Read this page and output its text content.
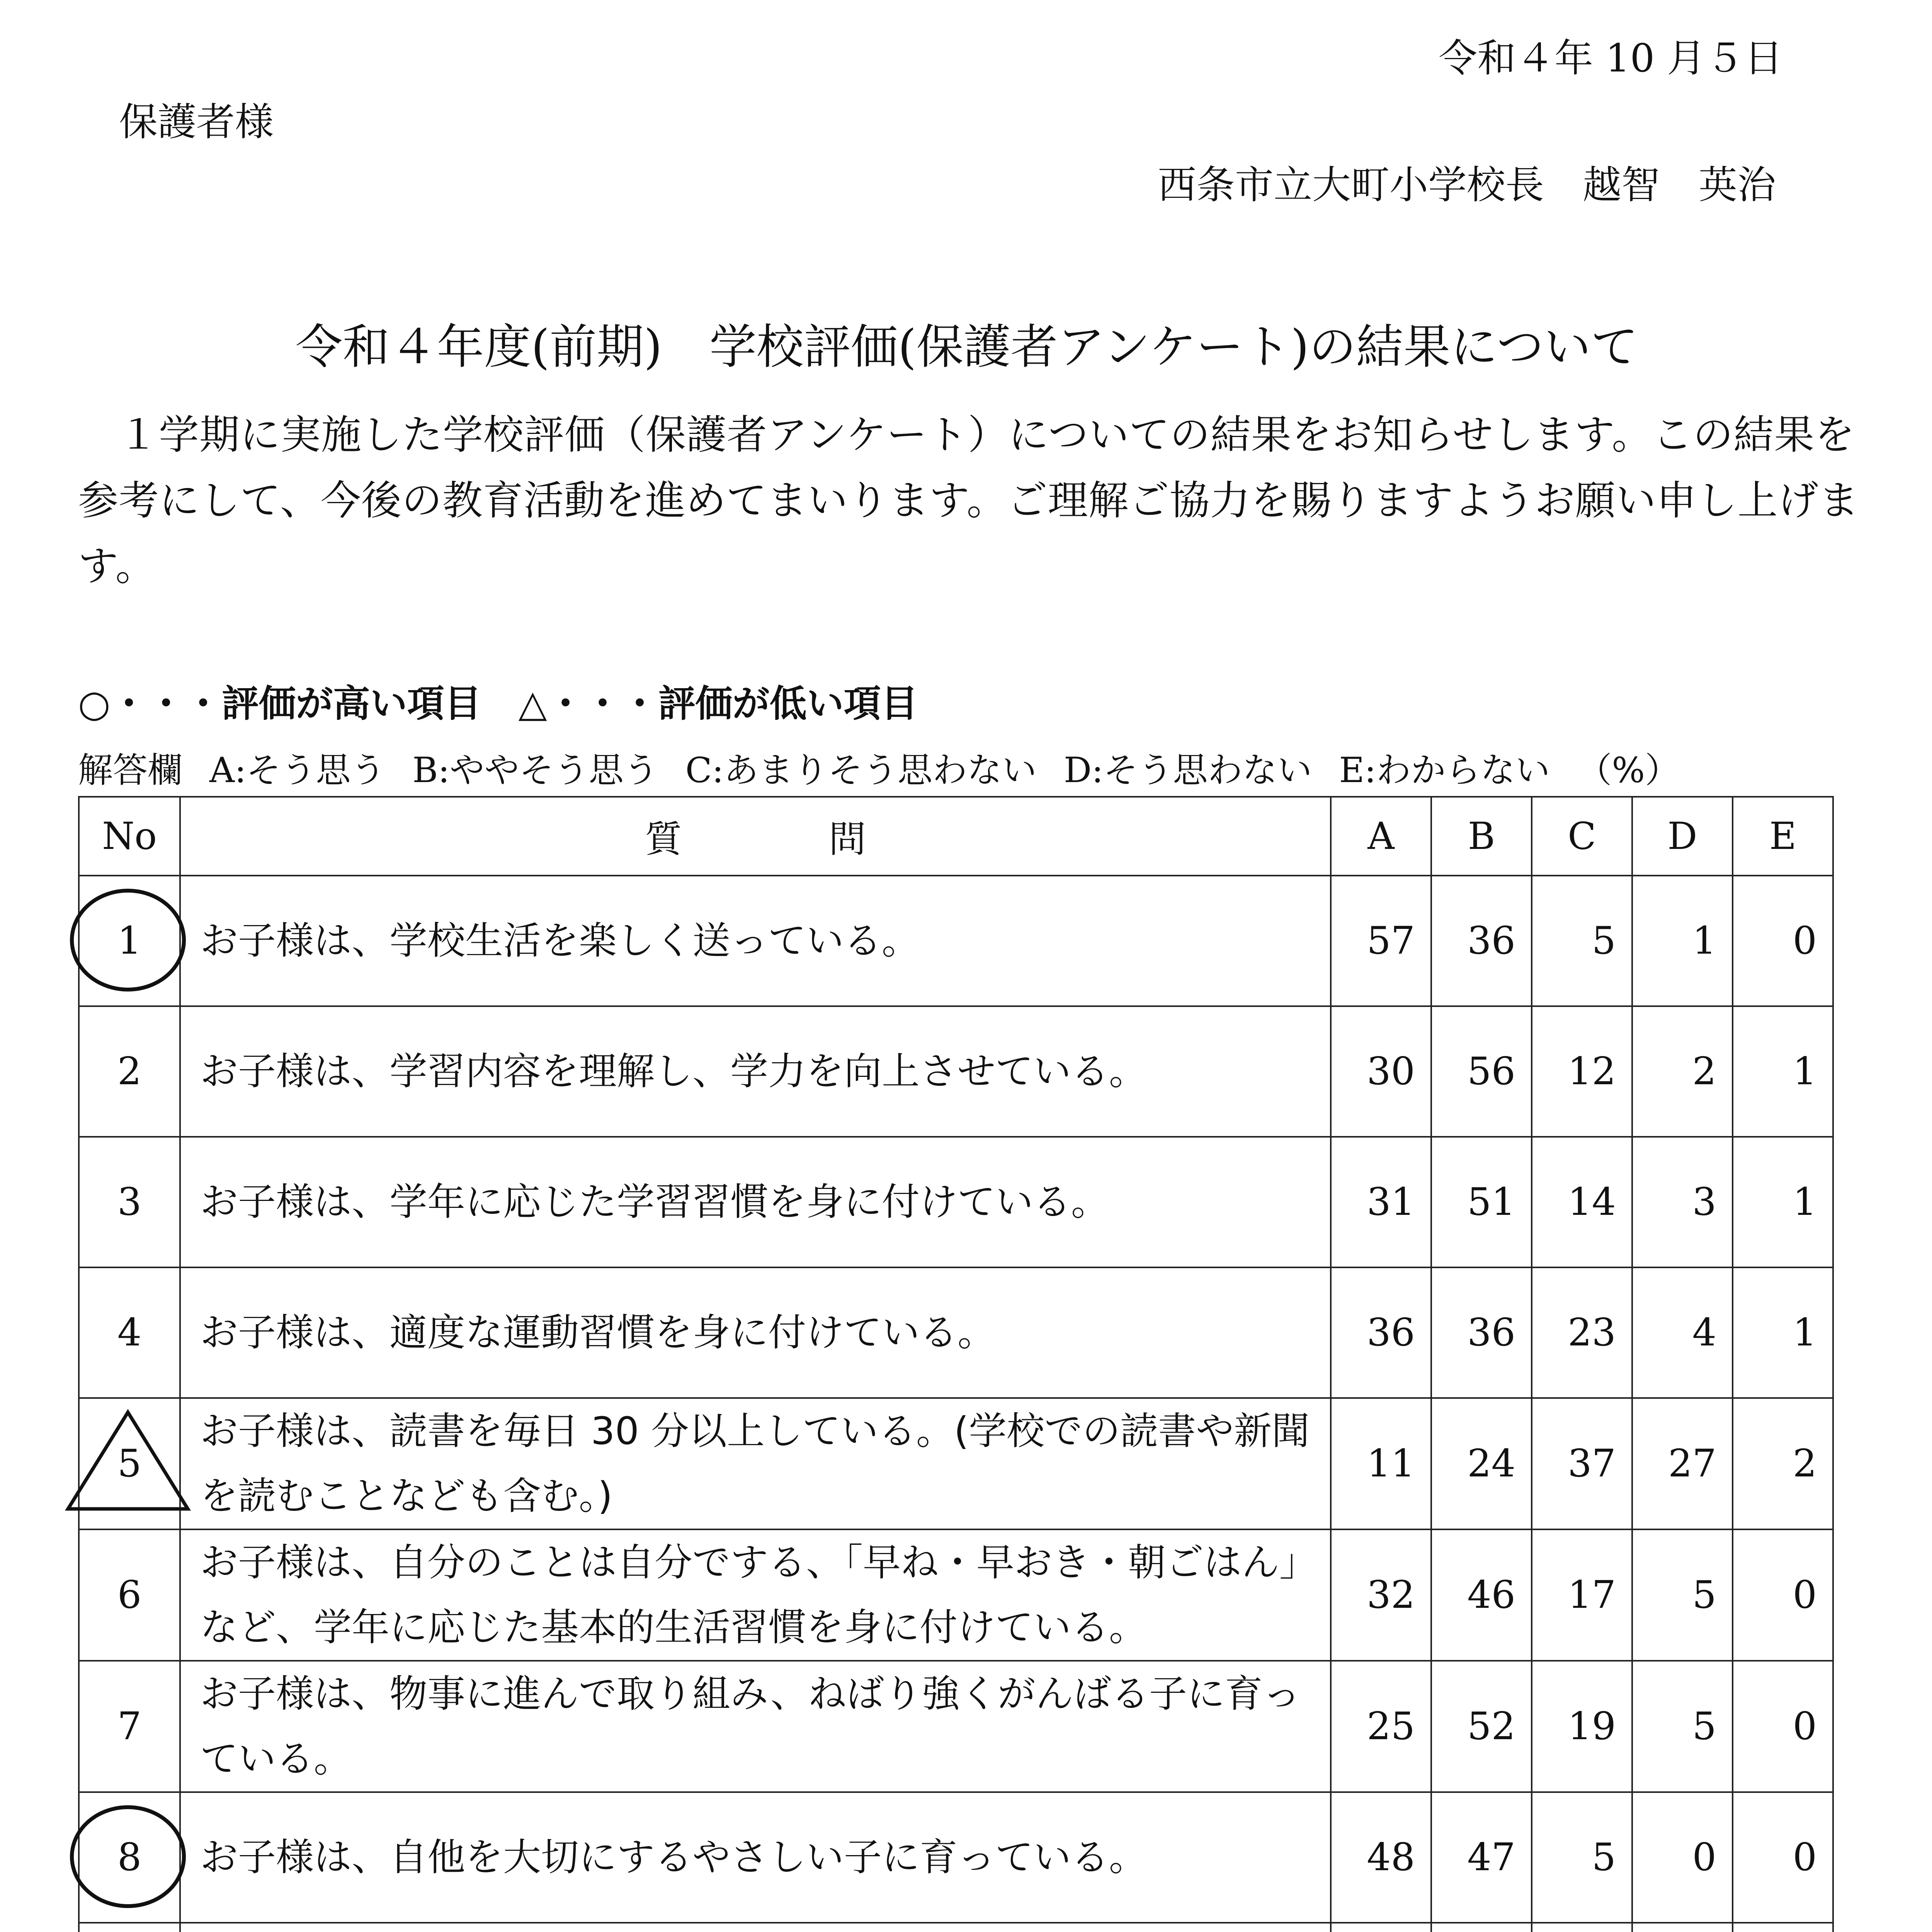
令和４年 10 月５日
保護者様
西条市立大町小学校長　越智　英治
令和４年度(前期)　学校評価(保護者アンケート)の結果について
１学期に実施した学校評価（保護者アンケート）についての結果をお知らせします。この結果を参考にして、今後の教育活動を進めてまいります。ご理解ご協力を賜りますようお願い申し上げます。
○・・・評価が高い項目　△・・・評価が低い項目
解答欄 A:そう思う B:ややそう思う C:あまりそう思わない D:そう思わない E:わからない （%）
No	質問	A	B	C	D	E
1	お子様は、学校生活を楽しく送っている。	57	36	5	1	0
2	お子様は、学習内容を理解し、学力を向上させている。	30	56	12	2	1
3	お子様は、学年に応じた学習習慣を身に付けている。	31	51	14	3	1
4	お子様は、適度な運動習慣を身に付けている。	36	36	23	4	1
5	お子様は、読書を毎日 30 分以上している。(学校での読書や新聞を読むことなども含む。)	11	24	37	27	2
6	お子様は、自分のことは自分でする、「早ね・早おき・朝ごはん」など、学年に応じた基本的生活習慣を身に付けている。	32	46	17	5	0
7	お子様は、物事に進んで取り組み、ねばり強くがんばる子に育っている。	25	52	19	5	0
8	お子様は、自他を大切にするやさしい子に育っている。	48	47	5	0	0
